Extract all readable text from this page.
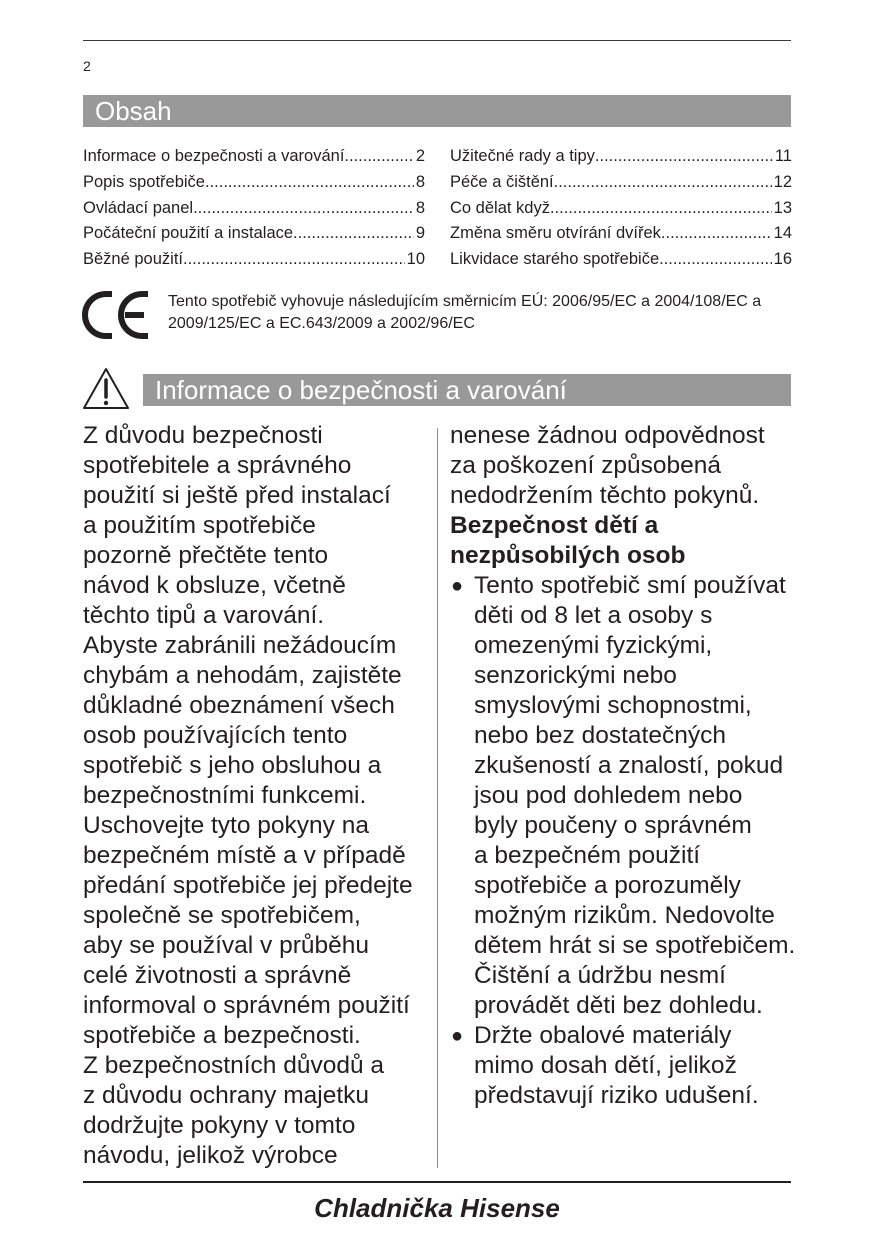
2
Obsah
Informace o bezpečnosti a varování .....	2
Popis spotřebiče .....	8
Ovládací panel .....	8
Počáteční použití a instalace .....	9
Běžné použití .....	10
Užitečné rady a tipy .....	11
Péče a čištění .....	12
Co dělat když .....	13
Změna směru otvírání dvířek .....	14
Likvidace starého spotřebiče .....	16
Tento spotřebič vyhovuje následujícím směrnicím EÚ: 2006/95/EC a 2004/108/EC a 2009/125/EC a EC.643/2009 a 2002/96/EC
Informace o bezpečnosti a varování
Z důvodu bezpečnosti
spotřebitele a správného
použití si ještě před instalací
a použitím spotřebiče
pozorně přečtěte tento
návod k obsluze, včetně
těchto tipů a varování.
Abyste zabránili nežádoucím
chybám a nehodám, zajistěte
důkladné obeznámení všech
osob používajících tento
spotřebič s jeho obsluhou a
bezpečnostními funkcemi.
Uschovejte tyto pokyny na
bezpečném místě a v případě
předání spotřebiče jej předejte
společně se spotřebičem,
aby se používal v průběhu
celé životnosti a správně
informoval o správném použití
spotřebiče a bezpečnosti.
Z bezpečnostních důvodů a
z důvodu ochrany majetku
dodržujte pokyny v tomto
návodu, jelikož výrobce
nenese žádnou odpovědnost
za poškození způsobená
nedodržením těchto pokynů.
Bezpečnost dětí a
nezpůsobilých osob
● Tento spotřebič smí používat
děti od 8 let a osoby s
omezenými fyzickými,
senzorickými nebo
smyslovými schopnostmi,
nebo bez dostatečných
zkušeností a znalostí, pokud
jsou pod dohledem nebo
byly poučeny o správném
a bezpečném použití
spotřebiče a porozuměly
možným rizikům. Nedovolte
dětem hrát si se spotřebičem.
Čištění a údržbu nesmí
provádět děti bez dohledu.
● Držte obalové materiály
mimo dosah dětí, jelikož
představují riziko udušení.
Chladnička Hisense
